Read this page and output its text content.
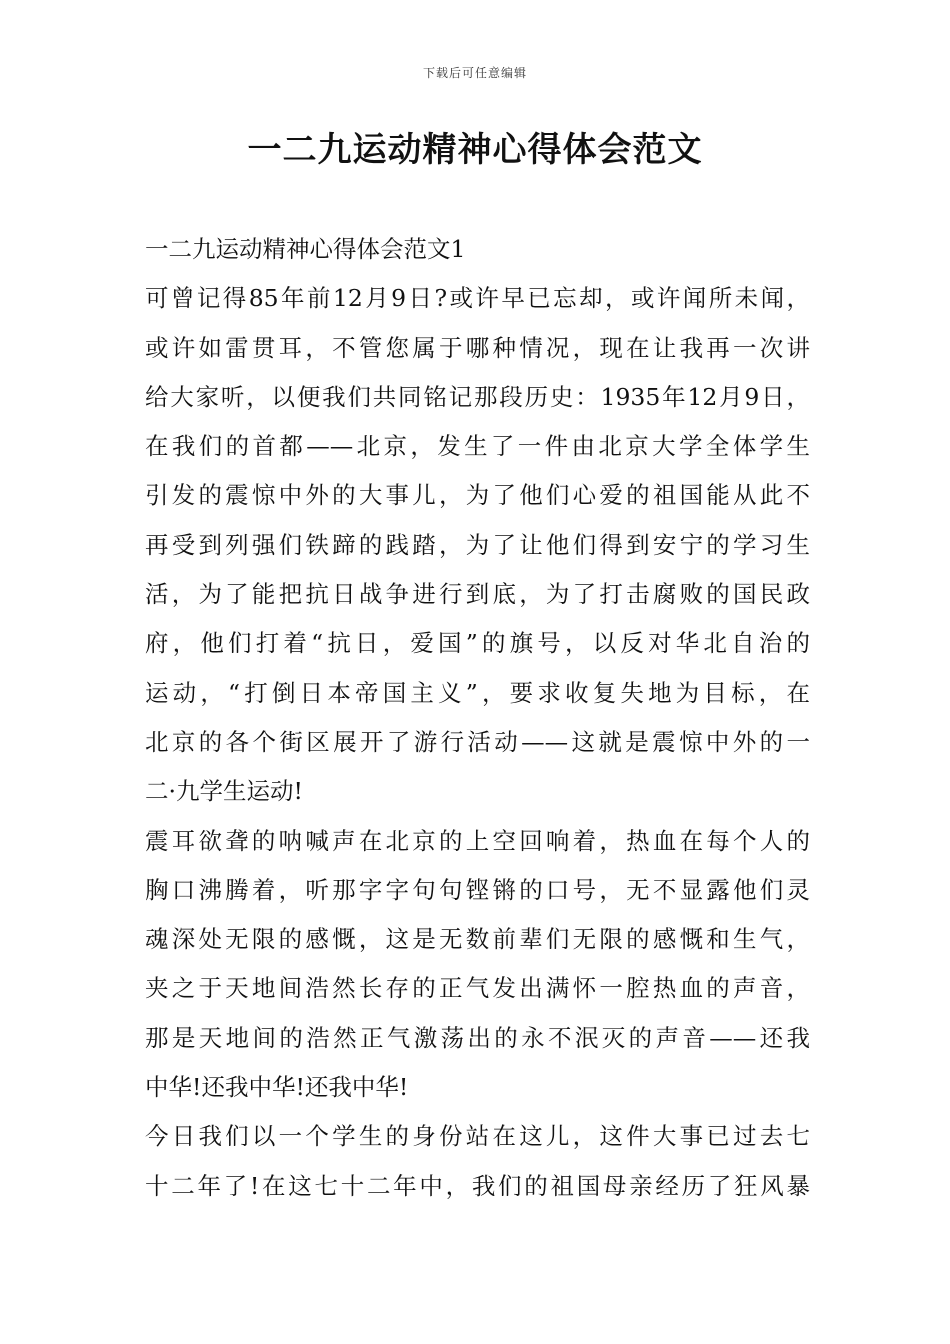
下载后可任意编辑
一二九运动精神心得体会范文
一二九运动精神心得体会范文1
可曾记得85年前12月9日?或许早已忘却，或许闻所未闻，
或许如雷贯耳，不管您属于哪种情况，现在让我再一次讲
给大家听，以便我们共同铭记那段历史：1935年12月9日，
在我们的首都——北京，发生了一件由北京大学全体学生
引发的震惊中外的大事儿，为了他们心爱的祖国能从此不
再受到列强们铁蹄的践踏，为了让他们得到安宁的学习生
活，为了能把抗日战争进行到底，为了打击腐败的国民政
府，他们打着“抗日，爱国”的旗号，以反对华北自治的
运动，“打倒日本帝国主义”，要求收复失地为目标，在
北京的各个街区展开了游行活动——这就是震惊中外的一
二·九学生运动!
震耳欲聋的呐喊声在北京的上空回响着，热血在每个人的
胸口沸腾着，听那字字句句铿锵的口号，无不显露他们灵
魂深处无限的感慨，这是无数前辈们无限的感慨和生气，
夹之于天地间浩然长存的正气发出满怀一腔热血的声音，
那是天地间的浩然正气激荡出的永不泯灭的声音——还我
中华!还我中华!还我中华!
今日我们以一个学生的身份站在这儿，这件大事已过去七
十二年了!在这七十二年中，我们的祖国母亲经历了狂风暴
